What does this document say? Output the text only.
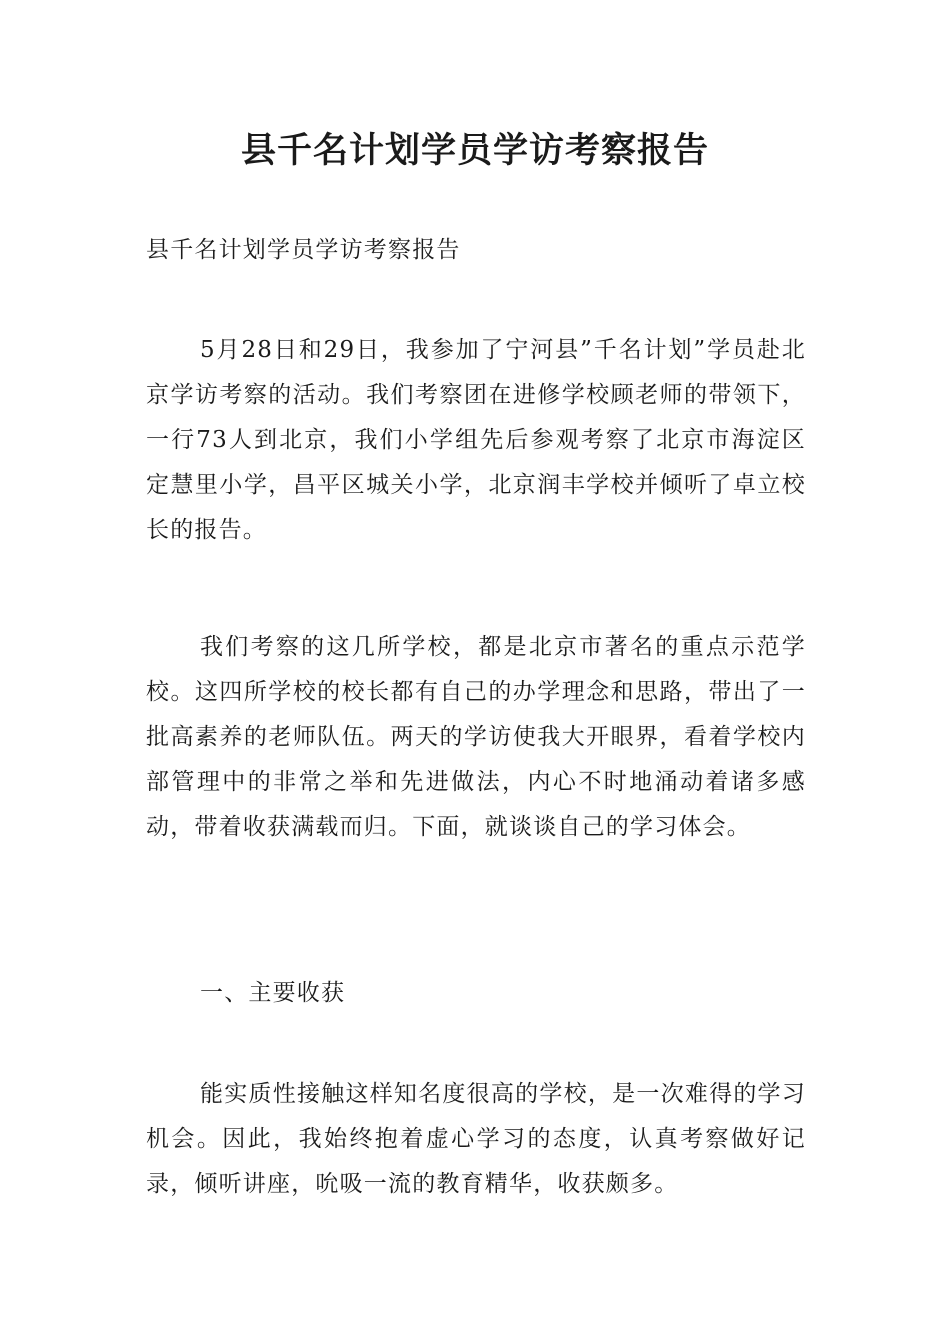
县千名计划学员学访考察报告

县千名计划学员学访考察报告

5月28日和29日，我参加了宁河县”千名计划”学员赴北京学访考察的活动。我们考察团在进修学校顾老师的带领下，一行73人到北京，我们小学组先后参观考察了北京市海淀区定慧里小学，昌平区城关小学，北京润丰学校并倾听了卓立校长的报告。

我们考察的这几所学校，都是北京市著名的重点示范学校。这四所学校的校长都有自己的办学理念和思路，带出了一批高素养的老师队伍。两天的学访使我大开眼界，看着学校内部管理中的非常之举和先进做法，内心不时地涌动着诸多感动，带着收获满载而归。下面，就谈谈自己的学习体会。

一、主要收获

能实质性接触这样知名度很高的学校，是一次难得的学习机会。因此，我始终抱着虚心学习的态度，认真考察做好记录，倾听讲座，吮吸一流的教育精华，收获颇多。
